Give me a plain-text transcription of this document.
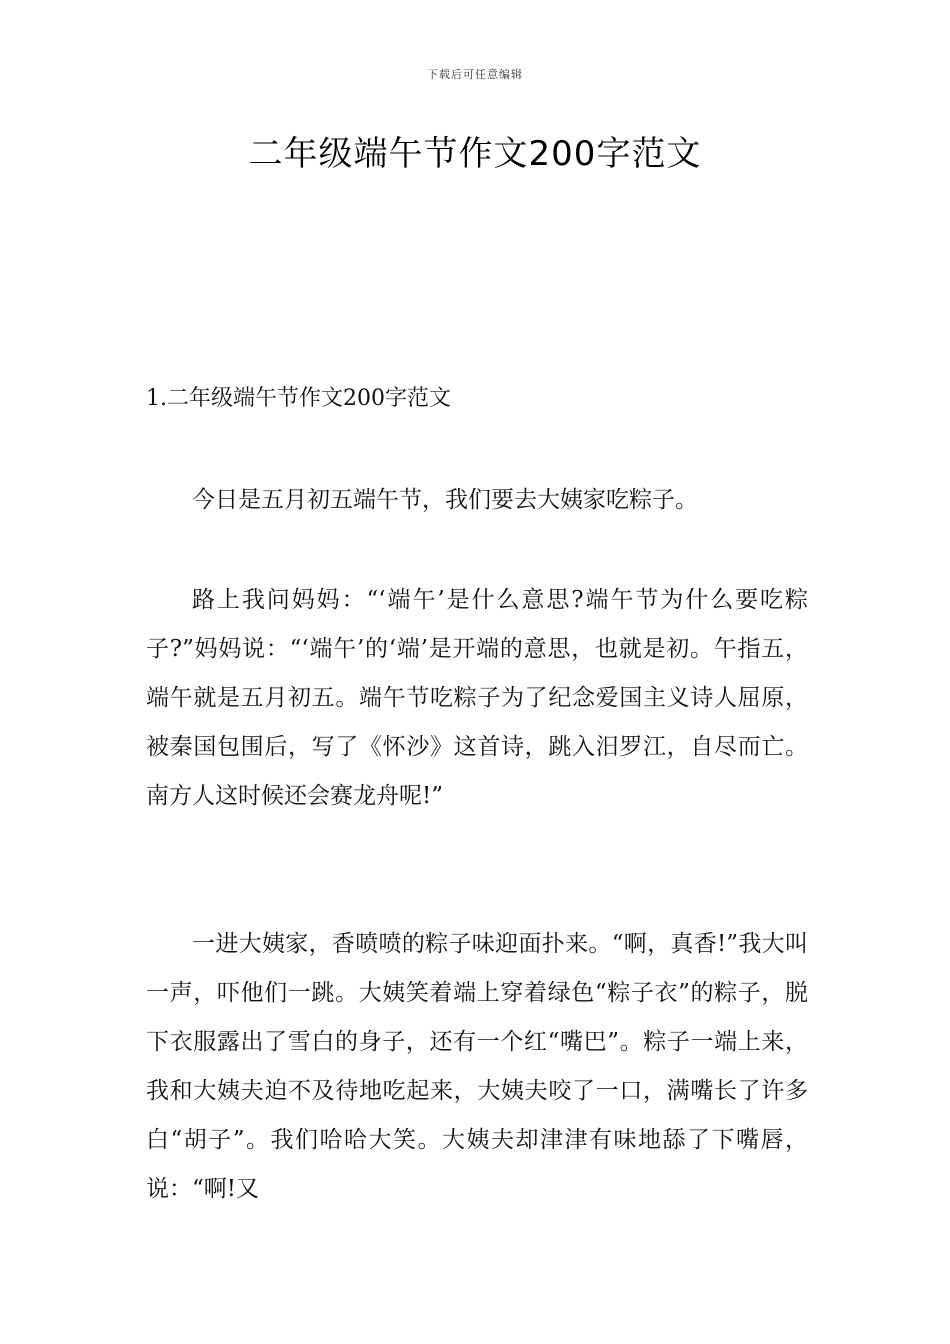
下载后可任意编辑
二年级端午节作文200字范文

1.二年级端午节作文200字范文

今日是五月初五端午节，我们要去大姨家吃粽子。

路上我问妈妈：“‘端午’是什么意思?端午节为什么要吃粽子?”妈妈说：“‘端午’的‘端’是开端的意思，也就是初。午指五，端午就是五月初五。端午节吃粽子为了纪念爱国主义诗人屈原，被秦国包围后，写了《怀沙》这首诗，跳入汨罗江，自尽而亡。南方人这时候还会赛龙舟呢!”

一进大姨家，香喷喷的粽子味迎面扑来。“啊，真香!”我大叫一声，吓他们一跳。大姨笑着端上穿着绿色“粽子衣”的粽子，脱下衣服露出了雪白的身子，还有一个红“嘴巴”。粽子一端上来，我和大姨夫迫不及待地吃起来，大姨夫咬了一口，满嘴长了许多白“胡子”。我们哈哈大笑。大姨夫却津津有味地舔了下嘴唇，说：“啊!又
